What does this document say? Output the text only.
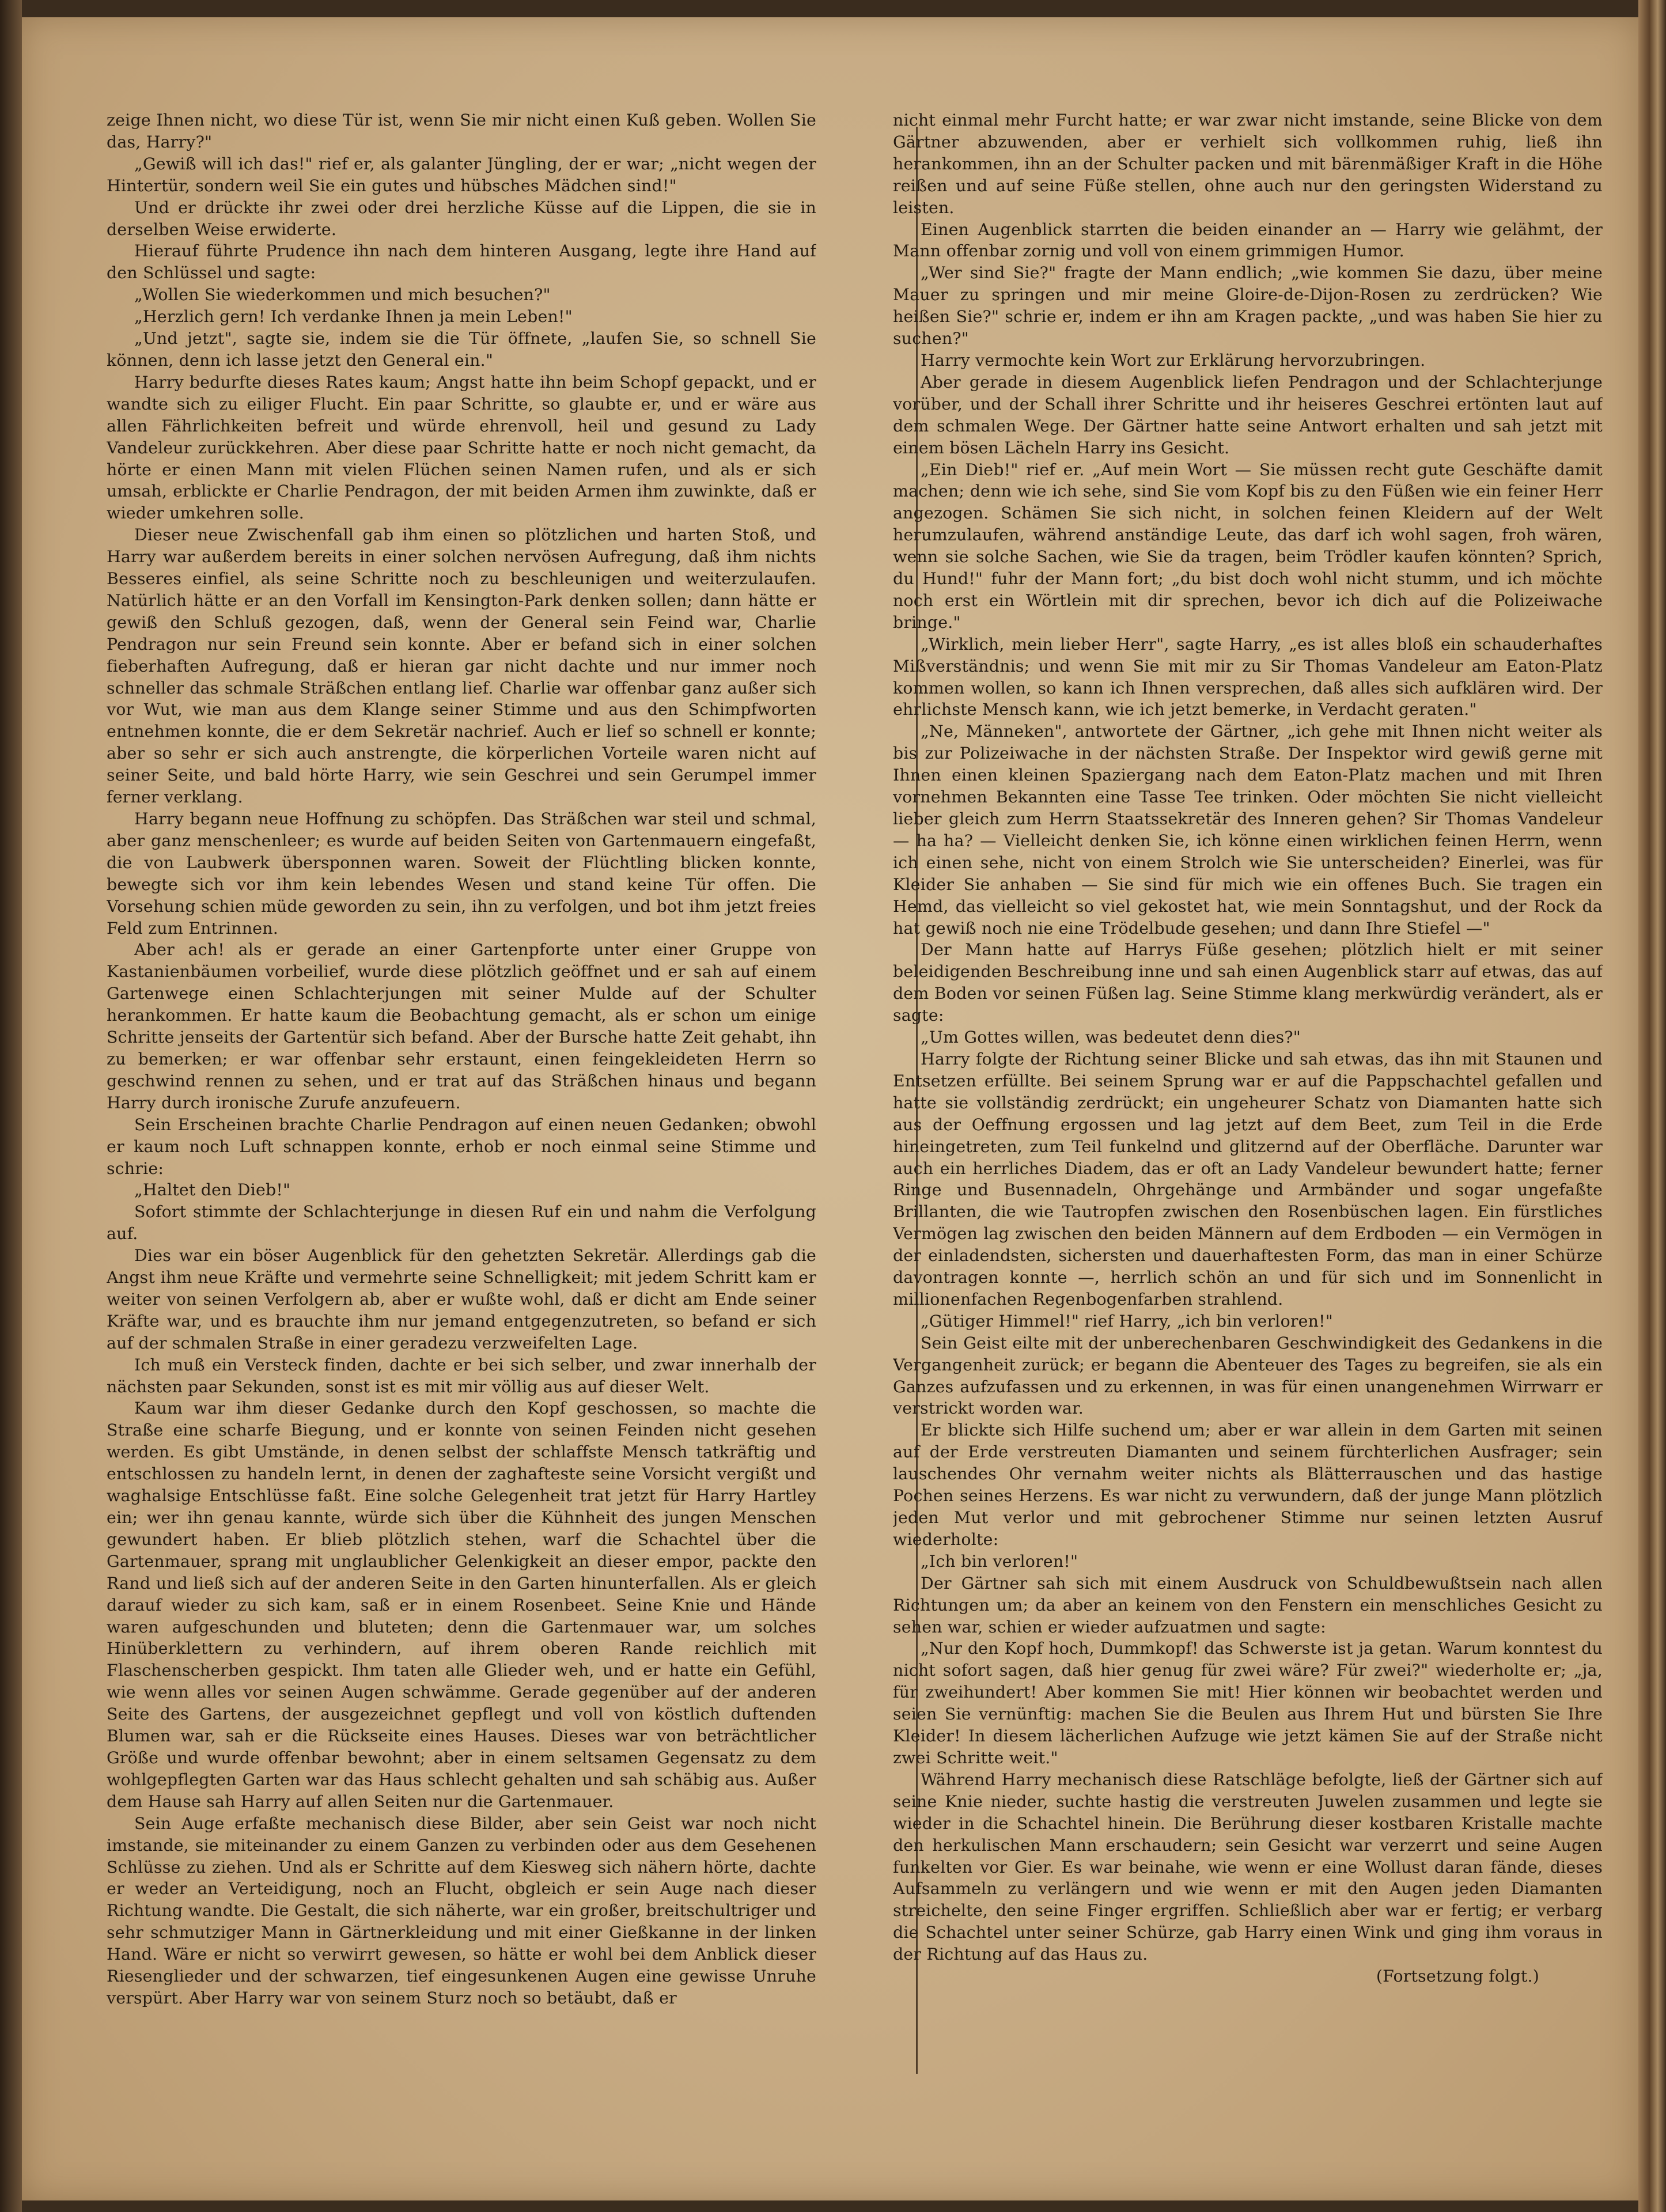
zeige Ihnen nicht, wo diese Tür ist, wenn Sie mir nicht einen Kuß geben. Wollen Sie das, Harry?"

„Gewiß will ich das!" rief er, als galanter Jüngling, der er war; „nicht wegen der Hintertür, sondern weil Sie ein gutes und hübsches Mädchen sind!"

Und er drückte ihr zwei oder drei herzliche Küsse auf die Lippen, die sie in derselben Weise erwiderte.

Hierauf führte Prudence ihn nach dem hinteren Ausgang, legte ihre Hand auf den Schlüssel und sagte:

„Wollen Sie wiederkommen und mich besuchen?"

„Herzlich gern! Ich verdanke Ihnen ja mein Leben!"

„Und jetzt", sagte sie, indem sie die Tür öffnete, „laufen Sie, so schnell Sie können, denn ich lasse jetzt den General ein."

Harry bedurfte dieses Rates kaum; Angst hatte ihn beim Schopf gepackt, und er wandte sich zu eiliger Flucht. Ein paar Schritte, so glaubte er, und er wäre aus allen Fährlichkeiten befreit und würde ehrenvoll, heil und gesund zu Lady Vandeleur zurückkehren. Aber diese paar Schritte hatte er noch nicht gemacht, da hörte er einen Mann mit vielen Flüchen seinen Namen rufen, und als er sich umsah, erblickte er Charlie Pendragon, der mit beiden Armen ihm zuwinkte, daß er wieder umkehren solle.

Dieser neue Zwischenfall gab ihm einen so plötzlichen und harten Stoß, und Harry war außerdem bereits in einer solchen nervösen Aufregung, daß ihm nichts Besseres einfiel, als seine Schritte noch zu beschleunigen und weiterzulaufen. Natürlich hätte er an den Vorfall im Kensington-Park denken sollen; dann hätte er gewiß den Schluß gezogen, daß, wenn der General sein Feind war, Charlie Pendragon nur sein Freund sein konnte. Aber er befand sich in einer solchen fieberhaften Aufregung, daß er hieran gar nicht dachte und nur immer noch schneller das schmale Sträßchen entlang lief. Charlie war offenbar ganz außer sich vor Wut, wie man aus dem Klange seiner Stimme und aus den Schimpfworten entnehmen konnte, die er dem Sekretär nachrief. Auch er lief so schnell er konnte; aber so sehr er sich auch anstrengte, die körperlichen Vorteile waren nicht auf seiner Seite, und bald hörte Harry, wie sein Geschrei und sein Gerumpel immer ferner verklang.

Harry begann neue Hoffnung zu schöpfen. Das Sträßchen war steil und schmal, aber ganz menschenleer; es wurde auf beiden Seiten von Gartenmauern eingefaßt, die von Laubwerk übersponnen waren. Soweit der Flüchtling blicken konnte, bewegte sich vor ihm kein lebendes Wesen und stand keine Tür offen. Die Vorsehung schien müde geworden zu sein, ihn zu verfolgen, und bot ihm jetzt freies Feld zum Entrinnen.

Aber ach! als er gerade an einer Gartenpforte unter einer Gruppe von Kastanienbäumen vorbeilief, wurde diese plötzlich geöffnet und er sah auf einem Gartenwege einen Schlachterjungen mit seiner Mulde auf der Schulter herankommen. Er hatte kaum die Beobachtung gemacht, als er schon um einige Schritte jenseits der Gartentür sich befand. Aber der Bursche hatte Zeit gehabt, ihn zu bemerken; er war offenbar sehr erstaunt, einen feingekleideten Herrn so geschwind rennen zu sehen, und er trat auf das Sträßchen hinaus und begann Harry durch ironische Zurufe anzufeuern.

Sein Erscheinen brachte Charlie Pendragon auf einen neuen Gedanken; obwohl er kaum noch Luft schnappen konnte, erhob er noch einmal seine Stimme und schrie:

„Haltet den Dieb!"

Sofort stimmte der Schlachterjunge in diesen Ruf ein und nahm die Verfolgung auf.

Dies war ein böser Augenblick für den gehetzten Sekretär. Allerdings gab die Angst ihm neue Kräfte und vermehrte seine Schnelligkeit; mit jedem Schritt kam er weiter von seinen Verfolgern ab, aber er wußte wohl, daß er dicht am Ende seiner Kräfte war, und es brauchte ihm nur jemand entgegenzutreten, so befand er sich auf der schmalen Straße in einer geradezu verzweifelten Lage.

Ich muß ein Versteck finden, dachte er bei sich selber, und zwar innerhalb der nächsten paar Sekunden, sonst ist es mit mir völlig aus auf dieser Welt.

Kaum war ihm dieser Gedanke durch den Kopf geschossen, so machte die Straße eine scharfe Biegung, und er konnte von seinen Feinden nicht gesehen werden. Es gibt Umstände, in denen selbst der schlaffste Mensch tatkräftig und entschlossen zu handeln lernt, in denen der zaghafteste seine Vorsicht vergißt und waghalsige Entschlüsse faßt. Eine solche Gelegenheit trat jetzt für Harry Hartley ein; wer ihn genau kannte, würde sich über die Kühnheit des jungen Menschen gewundert haben. Er blieb plötzlich stehen, warf die Schachtel über die Gartenmauer, sprang mit unglaublicher Gelenkigkeit an dieser empor, packte den Rand und ließ sich auf der anderen Seite in den Garten hinunterfallen. Als er gleich darauf wieder zu sich kam, saß er in einem Rosenbeet. Seine Knie und Hände waren aufgeschunden und bluteten; denn die Gartenmauer war, um solches Hinüberklettern zu verhindern, auf ihrem oberen Rande reichlich mit Flaschenscherben gespickt. Ihm taten alle Glieder weh, und er hatte ein Gefühl, wie wenn alles vor seinen Augen schwämme. Gerade gegenüber auf der anderen Seite des Gartens, der ausgezeichnet gepflegt und voll von köstlich duftenden Blumen war, sah er die Rückseite eines Hauses. Dieses war von beträchtlicher Größe und wurde offenbar bewohnt; aber in einem seltsamen Gegensatz zu dem wohlgepflegten Garten war das Haus schlecht gehalten und sah schäbig aus. Außer dem Hause sah Harry auf allen Seiten nur die Gartenmauer.

Sein Auge erfaßte mechanisch diese Bilder, aber sein Geist war noch nicht imstande, sie miteinander zu einem Ganzen zu verbinden oder aus dem Gesehenen Schlüsse zu ziehen. Und als er Schritte auf dem Kiesweg sich nähern hörte, dachte er weder an Verteidigung, noch an Flucht, obgleich er sein Auge nach dieser Richtung wandte. Die Gestalt, die sich näherte, war ein großer, breitschultriger und sehr schmutziger Mann in Gärtnerkleidung und mit einer Gießkanne in der linken Hand. Wäre er nicht so verwirrt gewesen, so hätte er wohl bei dem Anblick dieser Riesenglieder und der schwarzen, tief eingesunkenen Augen eine gewisse Unruhe verspürt. Aber Harry war von seinem Sturz noch so betäubt, daß er

nicht einmal mehr Furcht hatte; er war zwar nicht imstande, seine Blicke von dem Gärtner abzuwenden, aber er verhielt sich vollkommen ruhig, ließ ihn herankommen, ihn an der Schulter packen und mit bärenmäßiger Kraft in die Höhe reißen und auf seine Füße stellen, ohne auch nur den geringsten Widerstand zu leisten.

Einen Augenblick starrten die beiden einander an — Harry wie gelähmt, der Mann offenbar zornig und voll von einem grimmigen Humor.

„Wer sind Sie?" fragte der Mann endlich; „wie kommen Sie dazu, über meine Mauer zu springen und mir meine Gloire-de-Dijon-Rosen zu zerdrücken? Wie heißen Sie?" schrie er, indem er ihn am Kragen packte, „und was haben Sie hier zu suchen?"

Harry vermochte kein Wort zur Erklärung hervorzubringen.

Aber gerade in diesem Augenblick liefen Pendragon und der Schlachterjunge vorüber, und der Schall ihrer Schritte und ihr heiseres Geschrei ertönten laut auf dem schmalen Wege. Der Gärtner hatte seine Antwort erhalten und sah jetzt mit einem bösen Lächeln Harry ins Gesicht.

„Ein Dieb!" rief er. „Auf mein Wort — Sie müssen recht gute Geschäfte damit machen; denn wie ich sehe, sind Sie vom Kopf bis zu den Füßen wie ein feiner Herr angezogen. Schämen Sie sich nicht, in solchen feinen Kleidern auf der Welt herumzulaufen, während anständige Leute, das darf ich wohl sagen, froh wären, wenn sie solche Sachen, wie Sie da tragen, beim Trödler kaufen könnten? Sprich, du Hund!" fuhr der Mann fort; „du bist doch wohl nicht stumm, und ich möchte noch erst ein Wörtlein mit dir sprechen, bevor ich dich auf die Polizeiwache bringe."

„Wirklich, mein lieber Herr", sagte Harry, „es ist alles bloß ein schauderhaftes Mißverständnis; und wenn Sie mit mir zu Sir Thomas Vandeleur am Eaton-Platz kommen wollen, so kann ich Ihnen versprechen, daß alles sich aufklären wird. Der ehrlichste Mensch kann, wie ich jetzt bemerke, in Verdacht geraten."

„Ne, Männeken", antwortete der Gärtner, „ich gehe mit Ihnen nicht weiter als bis zur Polizeiwache in der nächsten Straße. Der Inspektor wird gewiß gerne mit Ihnen einen kleinen Spaziergang nach dem Eaton-Platz machen und mit Ihren vornehmen Bekannten eine Tasse Tee trinken. Oder möchten Sie nicht vielleicht lieber gleich zum Herrn Staatssekretär des Inneren gehen? Sir Thomas Vandeleur — ha ha? — Vielleicht denken Sie, ich könne einen wirklichen feinen Herrn, wenn ich einen sehe, nicht von einem Strolch wie Sie unterscheiden? Einerlei, was für Kleider Sie anhaben — Sie sind für mich wie ein offenes Buch. Sie tragen ein Hemd, das vielleicht so viel gekostet hat, wie mein Sonntagshut, und der Rock da hat gewiß noch nie eine Trödelbude gesehen; und dann Ihre Stiefel —"

Der Mann hatte auf Harrys Füße gesehen; plötzlich hielt er mit seiner beleidigenden Beschreibung inne und sah einen Augenblick starr auf etwas, das auf dem Boden vor seinen Füßen lag. Seine Stimme klang merkwürdig verändert, als er sagte:

„Um Gottes willen, was bedeutet denn dies?"

Harry folgte der Richtung seiner Blicke und sah etwas, das ihn mit Staunen und Entsetzen erfüllte. Bei seinem Sprung war er auf die Pappschachtel gefallen und hatte sie vollständig zerdrückt; ein ungeheurer Schatz von Diamanten hatte sich aus der Oeffnung ergossen und lag jetzt auf dem Beet, zum Teil in die Erde hineingetreten, zum Teil funkelnd und glitzernd auf der Oberfläche. Darunter war auch ein herrliches Diadem, das er oft an Lady Vandeleur bewundert hatte; ferner Ringe und Busennadeln, Ohrgehänge und Armbänder und sogar ungefaßte Brillanten, die wie Tautropfen zwischen den Rosenbüschen lagen. Ein fürstliches Vermögen lag zwischen den beiden Männern auf dem Erdboden — ein Vermögen in der einladendsten, sichersten und dauerhaftesten Form, das man in einer Schürze davontragen konnte —, herrlich schön an und für sich und im Sonnenlicht in millionenfachen Regenbogenfarben strahlend.

„Gütiger Himmel!" rief Harry, „ich bin verloren!"

Sein Geist eilte mit der unberechenbaren Geschwindigkeit des Gedankens in die Vergangenheit zurück; er begann die Abenteuer des Tages zu begreifen, sie als ein Ganzes aufzufassen und zu erkennen, in was für einen unangenehmen Wirrwarr er verstrickt worden war.

Er blickte sich Hilfe suchend um; aber er war allein in dem Garten mit seinen auf der Erde verstreuten Diamanten und seinem fürchterlichen Ausfrager; sein lauschendes Ohr vernahm weiter nichts als Blätterrauschen und das hastige Pochen seines Herzens. Es war nicht zu verwundern, daß der junge Mann plötzlich jeden Mut verlor und mit gebrochener Stimme nur seinen letzten Ausruf wiederholte:

„Ich bin verloren!"

Der Gärtner sah sich mit einem Ausdruck von Schuldbewußtsein nach allen Richtungen um; da aber an keinem von den Fenstern ein menschliches Gesicht zu sehen war, schien er wieder aufzuatmen und sagte:

„Nur den Kopf hoch, Dummkopf! das Schwerste ist ja getan. Warum konntest du nicht sofort sagen, daß hier genug für zwei wäre? Für zwei?" wiederholte er; „ja, für zweihundert! Aber kommen Sie mit! Hier können wir beobachtet werden und seien Sie vernünftig: machen Sie die Beulen aus Ihrem Hut und bürsten Sie Ihre Kleider! In diesem lächerlichen Aufzuge wie jetzt kämen Sie auf der Straße nicht zwei Schritte weit."

Während Harry mechanisch diese Ratschläge befolgte, ließ der Gärtner sich auf seine Knie nieder, suchte hastig die verstreuten Juwelen zusammen und legte sie wieder in die Schachtel hinein. Die Berührung dieser kostbaren Kristalle machte den herkulischen Mann erschaudern; sein Gesicht war verzerrt und seine Augen funkelten vor Gier. Es war beinahe, wie wenn er eine Wollust daran fände, dieses Aufsammeln zu verlängern und wie wenn er mit den Augen jeden Diamanten streichelte, den seine Finger ergriffen. Schließlich aber war er fertig; er verbarg die Schachtel unter seiner Schürze, gab Harry einen Wink und ging ihm voraus in der Richtung auf das Haus zu.

(Fortsetzung folgt.)
